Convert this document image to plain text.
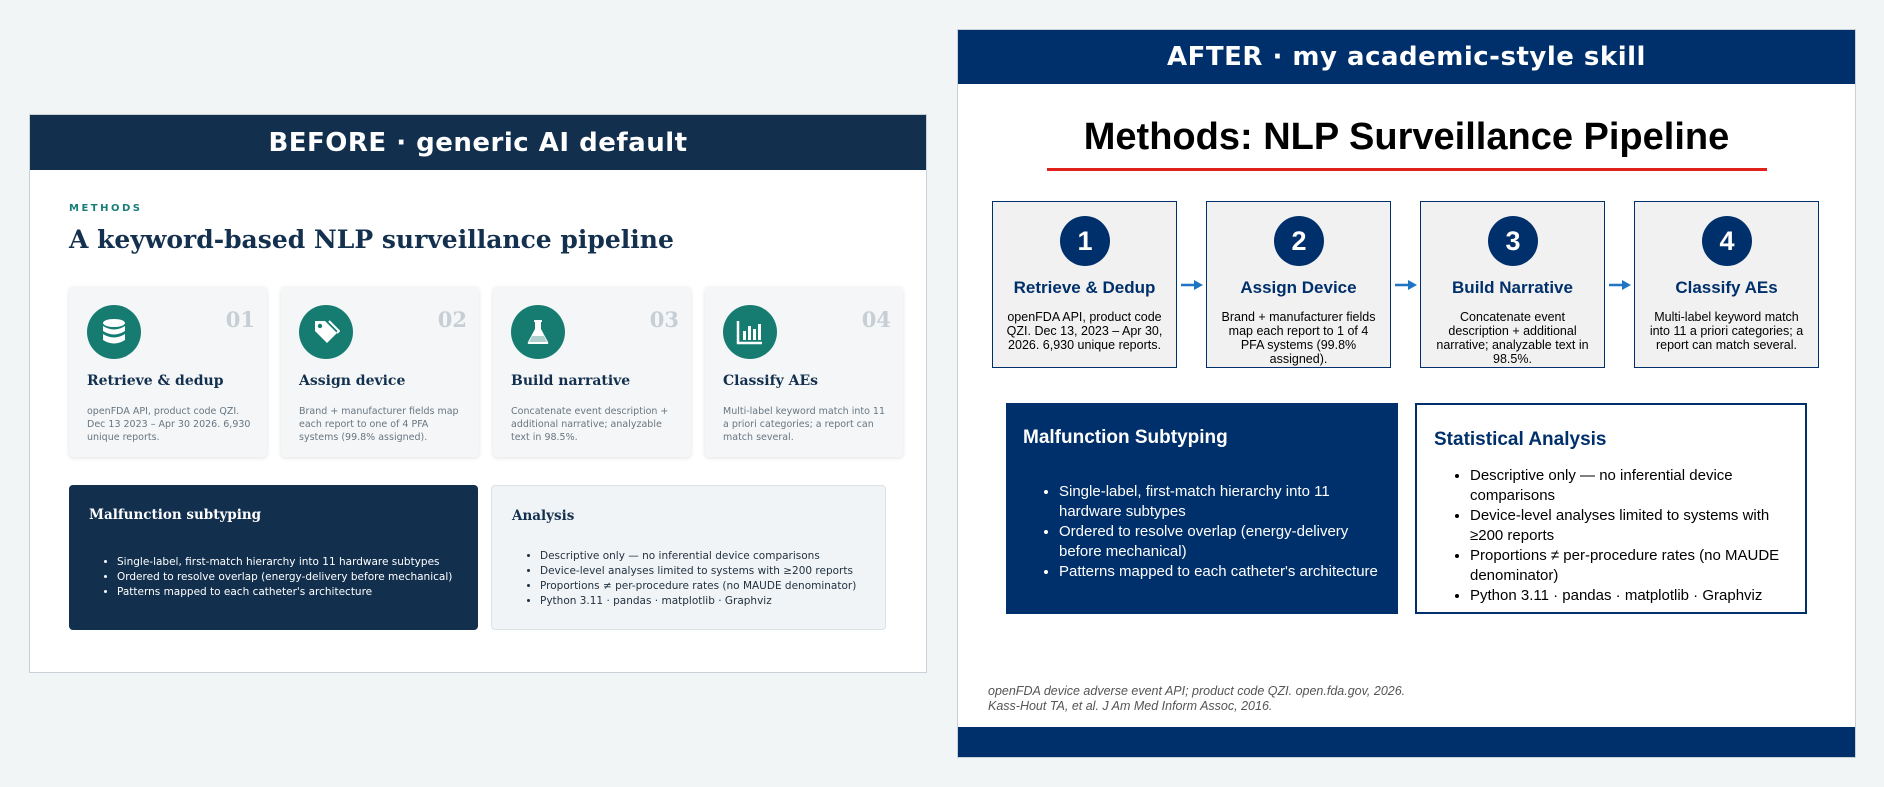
BEFORE · generic AI default
METHODS
A keyword-based NLP surveillance pipeline
01
Retrieve & dedup
openFDA API, product code QZI. Dec 13 2023 – Apr 30 2026. 6,930 unique reports.
02
Assign device
Brand + manufacturer fields map each report to one of 4 PFA systems (99.8% assigned).
03
Build narrative
Concatenate event description + additional narrative; analyzable text in 98.5%.
04
Classify AEs
Multi-label keyword match into 11 a priori categories; a report can match several.
Malfunction subtyping
• Single-label, first-match hierarchy into 11 hardware subtypes
• Ordered to resolve overlap (energy-delivery before mechanical)
• Patterns mapped to each catheter's architecture
Analysis
• Descriptive only — no inferential device comparisons
• Device-level analyses limited to systems with ≥200 reports
• Proportions ≠ per-procedure rates (no MAUDE denominator)
• Python 3.11 · pandas · matplotlib · Graphviz
AFTER · my academic-style skill
Methods: NLP Surveillance Pipeline
1
Retrieve & Dedup
openFDA API, product code QZI. Dec 13, 2023 – Apr 30, 2026. 6,930 unique reports.
2
Assign Device
Brand + manufacturer fields map each report to 1 of 4 PFA systems (99.8% assigned).
3
Build Narrative
Concatenate event description + additional narrative; analyzable text in 98.5%.
4
Classify AEs
Multi-label keyword match into 11 a priori categories; a report can match several.
Malfunction Subtyping
• Single-label, first-match hierarchy into 11 hardware subtypes
• Ordered to resolve overlap (energy-delivery before mechanical)
• Patterns mapped to each catheter's architecture
Statistical Analysis
• Descriptive only — no inferential device comparisons
• Device-level analyses limited to systems with ≥200 reports
• Proportions ≠ per-procedure rates (no MAUDE denominator)
• Python 3.11 · pandas · matplotlib · Graphviz
openFDA device adverse event API; product code QZI. open.fda.gov, 2026.
Kass-Hout TA, et al. J Am Med Inform Assoc, 2016.
